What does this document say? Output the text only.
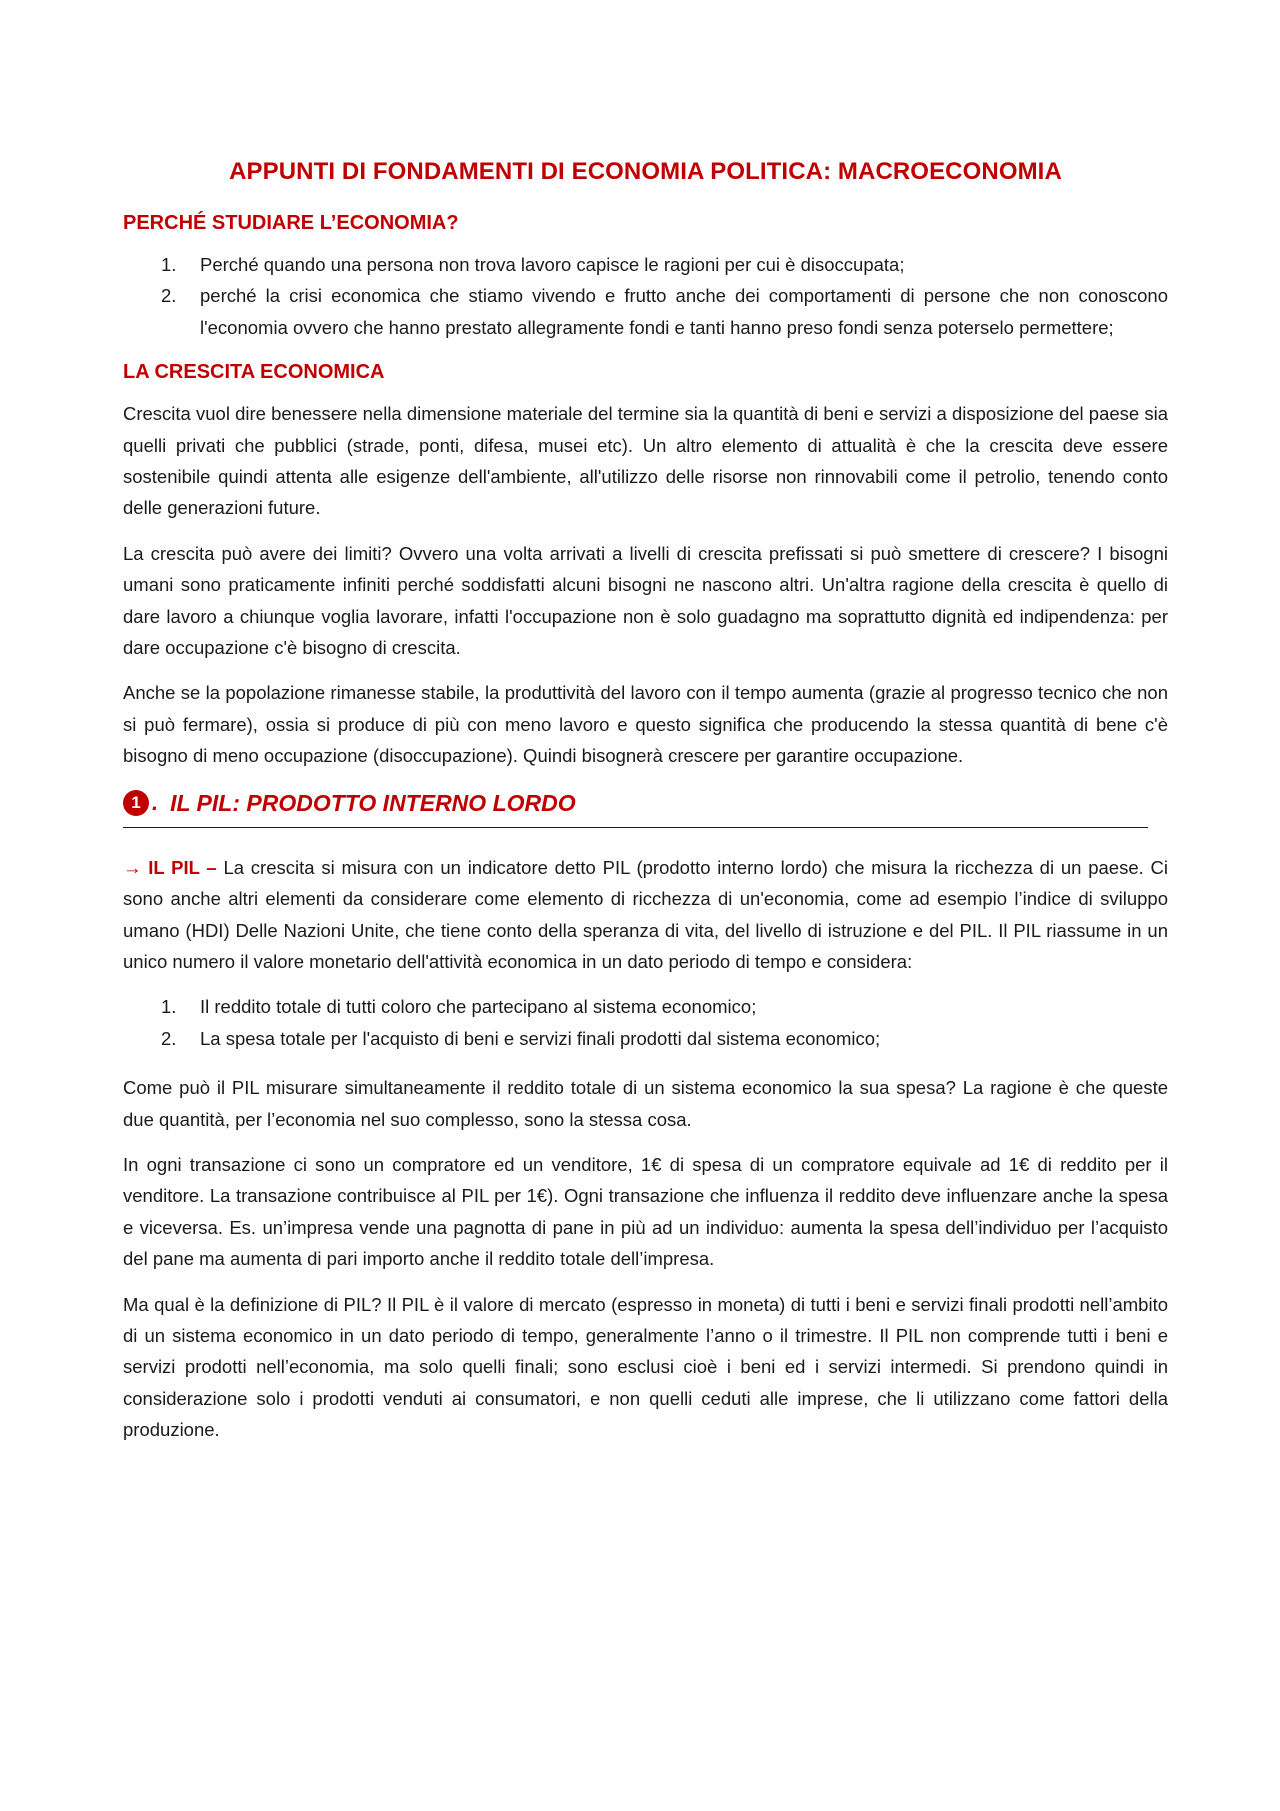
APPUNTI DI FONDAMENTI DI ECONOMIA POLITICA: MACROECONOMIA
PERCHÉ STUDIARE L’ECONOMIA?
1. Perché quando una persona non trova lavoro capisce le ragioni per cui è disoccupata;
2. perché la crisi economica che stiamo vivendo e frutto anche dei comportamenti di persone che non conoscono l'economia ovvero che hanno prestato allegramente fondi e tanti hanno preso fondi senza poterselo permettere;
LA CRESCITA ECONOMICA

Crescita vuol dire benessere nella dimensione materiale del termine sia la quantità di beni e servizi a disposizione del paese sia quelli privati che pubblici (strade, ponti, difesa, musei etc). Un altro elemento di attualità è che la crescita deve essere sostenibile quindi attenta alle esigenze dell'ambiente, all'utilizzo delle risorse non rinnovabili come il petrolio, tenendo conto delle generazioni future.

La crescita può avere dei limiti? Ovvero una volta arrivati a livelli di crescita prefissati si può smettere di crescere? I bisogni umani sono praticamente infiniti perché soddisfatti alcuni bisogni ne nascono altri. Un'altra ragione della crescita è quello di dare lavoro a chiunque voglia lavorare, infatti l'occupazione non è solo guadagno ma soprattutto dignità ed indipendenza: per dare occupazione c'è bisogno di crescita.

Anche se la popolazione rimanesse stabile, la produttività del lavoro con il tempo aumenta (grazie al progresso tecnico che non si può fermare), ossia si produce di più con meno lavoro e questo significa che producendo la stessa quantità di bene c'è bisogno di meno occupazione (disoccupazione). Quindi bisognerà crescere per garantire occupazione.

1 . IL PIL: PRODOTTO INTERNO LORDO

→ IL PIL – La crescita si misura con un indicatore detto PIL (prodotto interno lordo) che misura la ricchezza di un paese. Ci sono anche altri elementi da considerare come elemento di ricchezza di un'economia, come ad esempio l’indice di sviluppo umano (HDI) Delle Nazioni Unite, che tiene conto della speranza di vita, del livello di istruzione e del PIL. Il PIL riassume in un unico numero il valore monetario dell'attività economica in un dato periodo di tempo e considera:

1. Il reddito totale di tutti coloro che partecipano al sistema economico;
2. La spesa totale per l'acquisto di beni e servizi finali prodotti dal sistema economico;

Come può il PIL misurare simultaneamente il reddito totale di un sistema economico la sua spesa? La ragione è che queste due quantità, per l’economia nel suo complesso, sono la stessa cosa.

In ogni transazione ci sono un compratore ed un venditore, 1€ di spesa di un compratore equivale ad 1€ di reddito per il venditore. La transazione contribuisce al PIL per 1€). Ogni transazione che influenza il reddito deve influenzare anche la spesa e viceversa. Es. un’impresa vende una pagnotta di pane in più ad un individuo: aumenta la spesa dell’individuo per l’acquisto del pane ma aumenta di pari importo anche il reddito totale dell’impresa.

Ma qual è la definizione di PIL? Il PIL è il valore di mercato (espresso in moneta) di tutti i beni e servizi finali prodotti nell’ambito di un sistema economico in un dato periodo di tempo, generalmente l’anno o il trimestre. Il PIL non comprende tutti i beni e servizi prodotti nell’economia, ma solo quelli finali; sono esclusi cioè i beni ed i servizi intermedi. Si prendono quindi in considerazione solo i prodotti venduti ai consumatori, e non quelli ceduti alle imprese, che li utilizzano come fattori della produzione.
